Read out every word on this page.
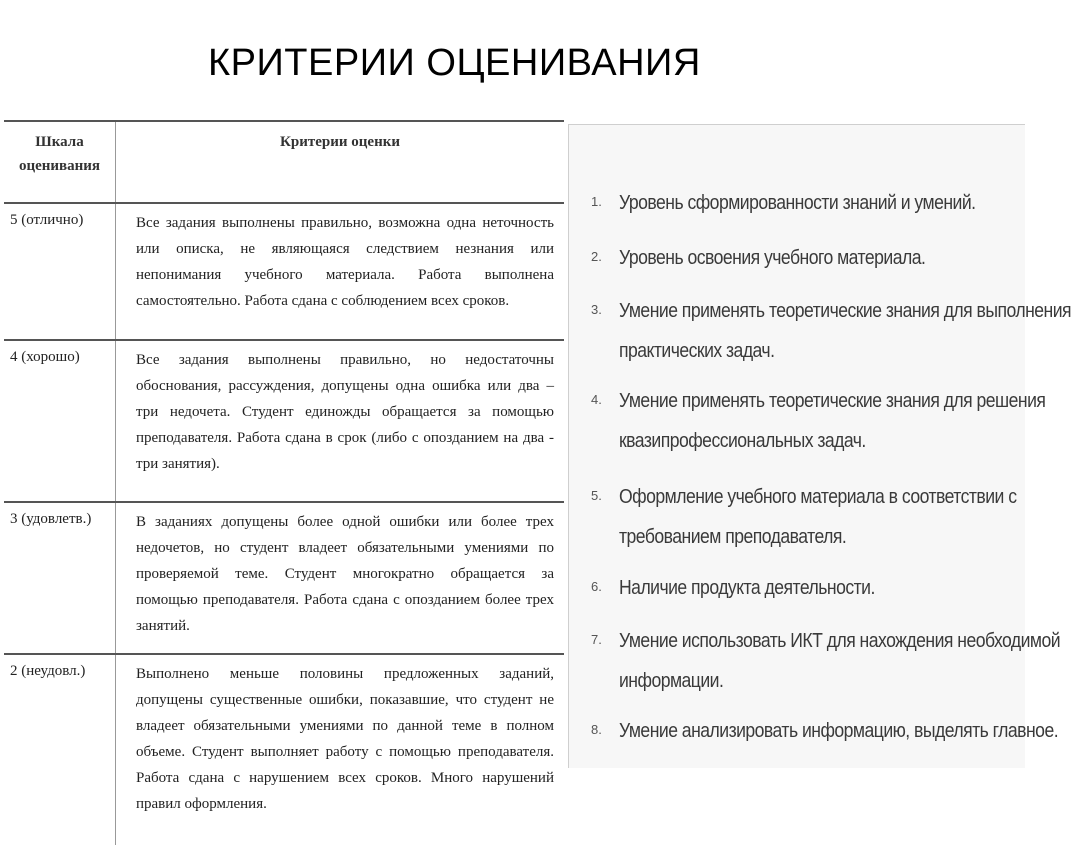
КРИТЕРИИ ОЦЕНИВАНИЯ
Шкала
оценивания	Критерии оценки
5 (отлично)	Все задания выполнены правильно, возможна одна неточность или описка, не являющаяся следствием незнания или непонимания учебного материала. Работа выполнена самостоятельно. Работа сдана с соблюдением всех сроков.
4 (хорошо)	Все задания выполнены правильно, но недостаточны обоснования, рассуждения, допущены одна ошибка или два – три недочета. Студент единожды обращается за помощью преподавателя. Работа сдана в срок (либо с опозданием на два - три занятия).
3 (удовлетв.)	В заданиях допущены более одной ошибки или более трех недочетов, но студент владеет обязательными умениями по проверяемой теме. Студент многократно обращается за помощью преподавателя. Работа сдана с опозданием более трех занятий.
2 (неудовл.)	Выполнено меньше половины предложенных заданий, допущены существенные ошибки, показавшие, что студент не владеет обязательными умениями по данной теме в полном объеме. Студент выполняет работу с помощью преподавателя. Работа сдана с нарушением всех сроков. Много нарушений правил оформления.
1. Уровень сформированности знаний и умений.
2. Уровень освоения учебного материала.
3. Умение применять теоретические знания для выполнения
практических задач.
4. Умение применять теоретические знания для решения
квазипрофессиональных задач.
5. Оформление учебного материала в соответствии с
требованием преподавателя.
6. Наличие продукта деятельности.
7. Умение использовать ИКТ для нахождения необходимой
информации.
8. Умение анализировать информацию, выделять главное.
